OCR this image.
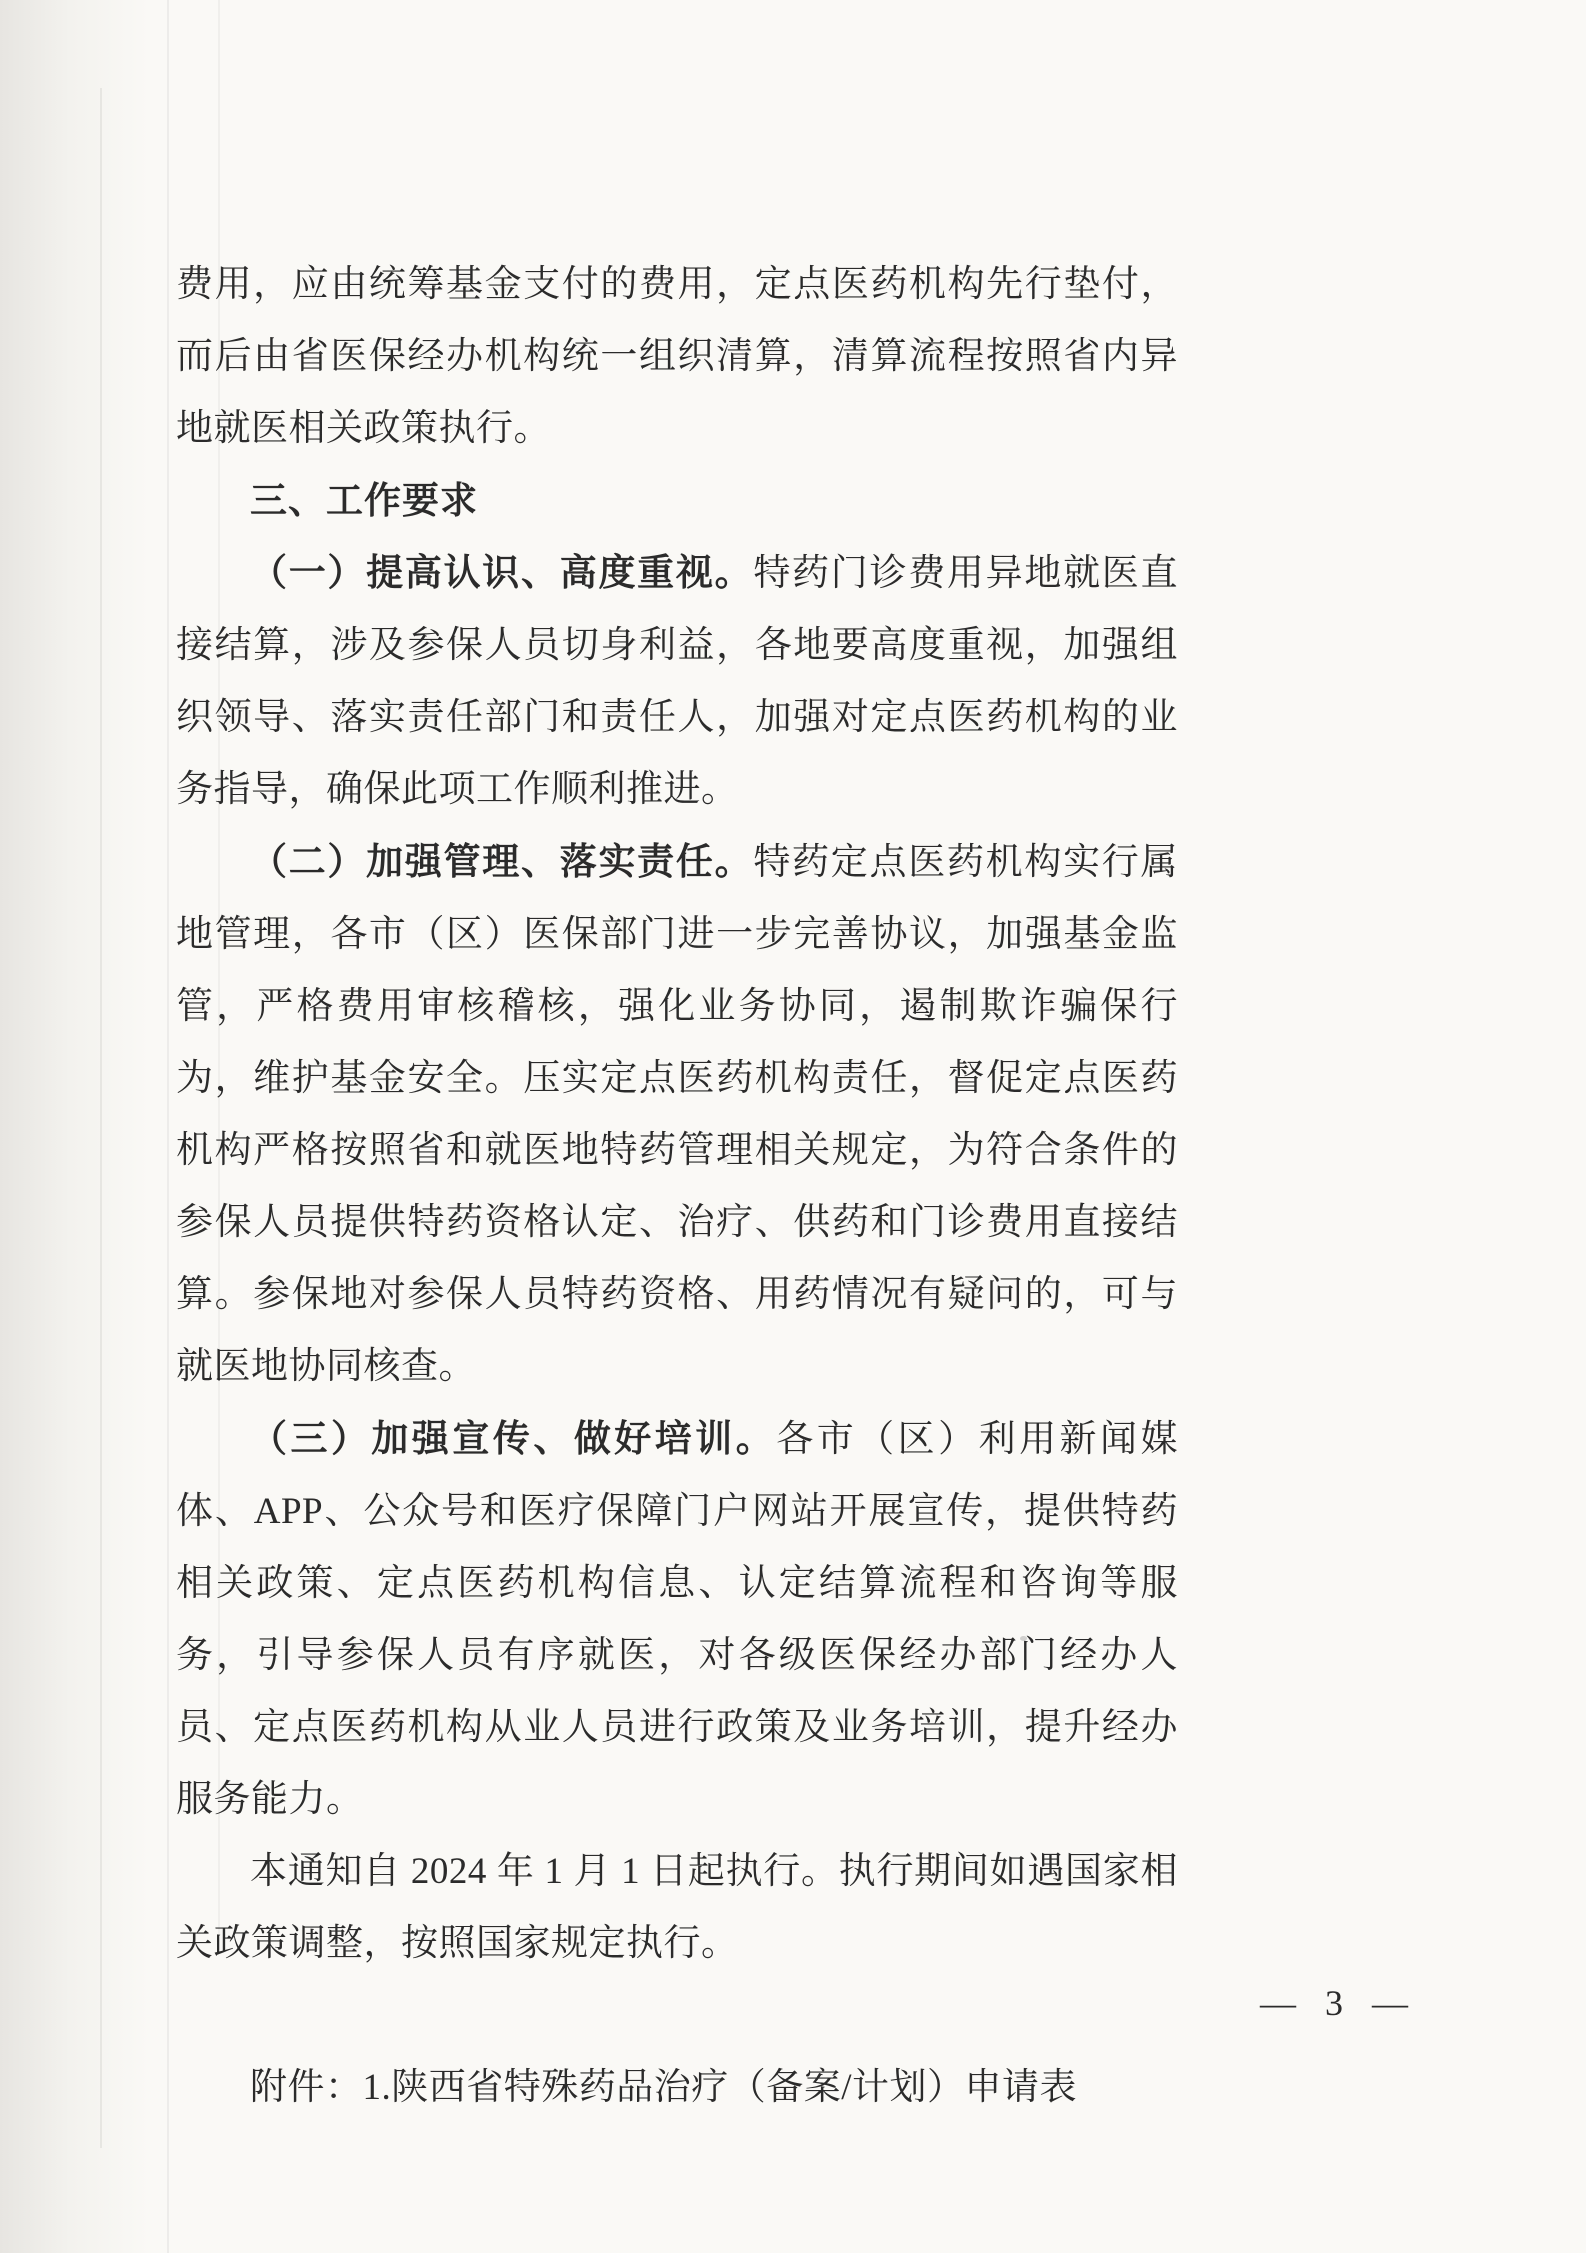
费用，应由统筹基金支付的费用，定点医药机构先行垫付，而后由省医保经办机构统一组织清算，清算流程按照省内异地就医相关政策执行。

三、工作要求

（一）提高认识、高度重视。特药门诊费用异地就医直接结算，涉及参保人员切身利益，各地要高度重视，加强组织领导、落实责任部门和责任人，加强对定点医药机构的业务指导，确保此项工作顺利推进。

（二）加强管理、落实责任。特药定点医药机构实行属地管理，各市（区）医保部门进一步完善协议，加强基金监管，严格费用审核稽核，强化业务协同，遏制欺诈骗保行为，维护基金安全。压实定点医药机构责任，督促定点医药机构严格按照省和就医地特药管理相关规定，为符合条件的参保人员提供特药资格认定、治疗、供药和门诊费用直接结算。参保地对参保人员特药资格、用药情况有疑问的，可与就医地协同核查。

（三）加强宣传、做好培训。各市（区）利用新闻媒体、APP、公众号和医疗保障门户网站开展宣传，提供特药相关政策、定点医药机构信息、认定结算流程和咨询等服务，引导参保人员有序就医，对各级医保经办部门经办人员、定点医药机构从业人员进行政策及业务培训，提升经办服务能力。

本通知自 2024 年 1 月 1 日起执行。执行期间如遇国家相关政策调整，按照国家规定执行。

附件：1.陕西省特殊药品治疗（备案/计划）申请表

— 3 —
